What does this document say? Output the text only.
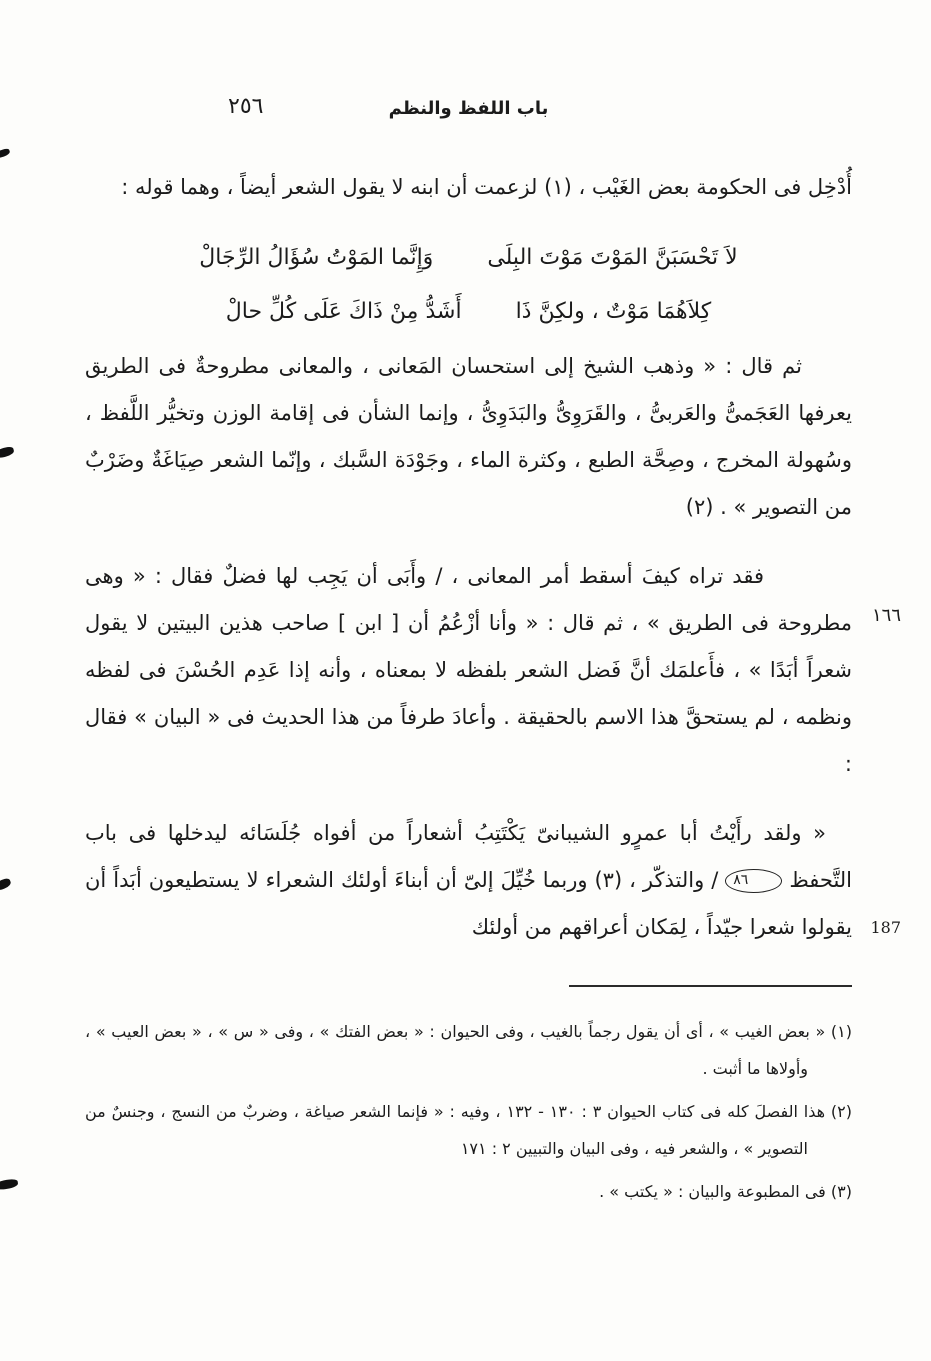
٢٥٦	باب اللفظ والنظم
١٦٦
187

أُدْخِل فى الحكومة بعض الغَيْب ، (١) لزعمت أن ابنه لا يقول الشعر أيضاً ، وهما قوله :

لاَ تَحْسَبَنَّ المَوْتَ مَوْتَ البِلَى
وَإِنَّما المَوْتُ سُؤَالُ الرِّجَالْ
كِلاَهُمَا مَوْتٌ ، ولكِنَّ ذَا
أَشَدُّ مِنْ ذَاكَ عَلَى كُلِّ حالْ

ثم قال : « وذهب الشيخ إلى استحسان المَعانى ، والمعانى مطروحةٌ فى الطريق يعرفها العَجَمىُّ والعَربىُّ ، والقَرَوِىُّ والبَدَوِىُّ ، وإنما الشأن فى إقامة الوزن وتخيُّر اللَّفظ ، وسُهولة المخرج ، وصِحَّة الطبع ، وكثرة الماء ، وجَوْدَة السَّبك ، وإنّما الشعر صِيَاغَةٌ وضَرْبٌ من التصوير » . (٢)

فقد تراه كيفَ أسقط أمر المعانى ، / وأَبَى أن يَجِب لها فضلٌ فقال : « وهى مطروحة فى الطريق » ، ثم قال : « وأنا أزْعُمُ أن [ ابن ] صاحب هذين البيتين لا يقول شعراً أبَدًا » ، فأَعلمَك أنَّ فَضل الشعر بلفظه لا بمعناه ، وأنه إذا عَدِم الحُسْنَ فى لفظه ونظمه ، لم يستحقَّ هذا الاسم بالحقيقة . وأعادَ طرفاً من هذا الحديث فى « البيان » فقال :

« ولقد رأَيْتُ أبا عمرٍو الشيبانىّ يَكْتَتِبُ أشعاراً من أفواه جُلَسَائه ليدخلها فى باب التَّحفظ٨٦/ والتذكّر ، (٣) وربما خُيِّلَ إلىّ أن أبناءَ أولئك الشعراء لا يستطيعون أبَداً أن يقولوا شعرا جيّداً ، لِمَكان أعراقهم من أولئك

(١) « بعض الغيب » ، أى أن يقول رجماً بالغيب ، وفى الحيوان : « بعض الفتك » ، وفى « س » ، « بعض العيب » ، وأولاها ما أثبت .

(٢) هذا الفصلَ كله فى كتاب الحيوان ٣ : ١٣٠ - ١٣٢ ، وفيه : « فإنما الشعر صياغة ، وضربٌ من النسج ، وجنسٌ من التصوير » ، والشعر فيه ، وفى البيان والتبيين ٢ : ١٧١

(٣) فى المطبوعة والبيان : « يكتب » .
